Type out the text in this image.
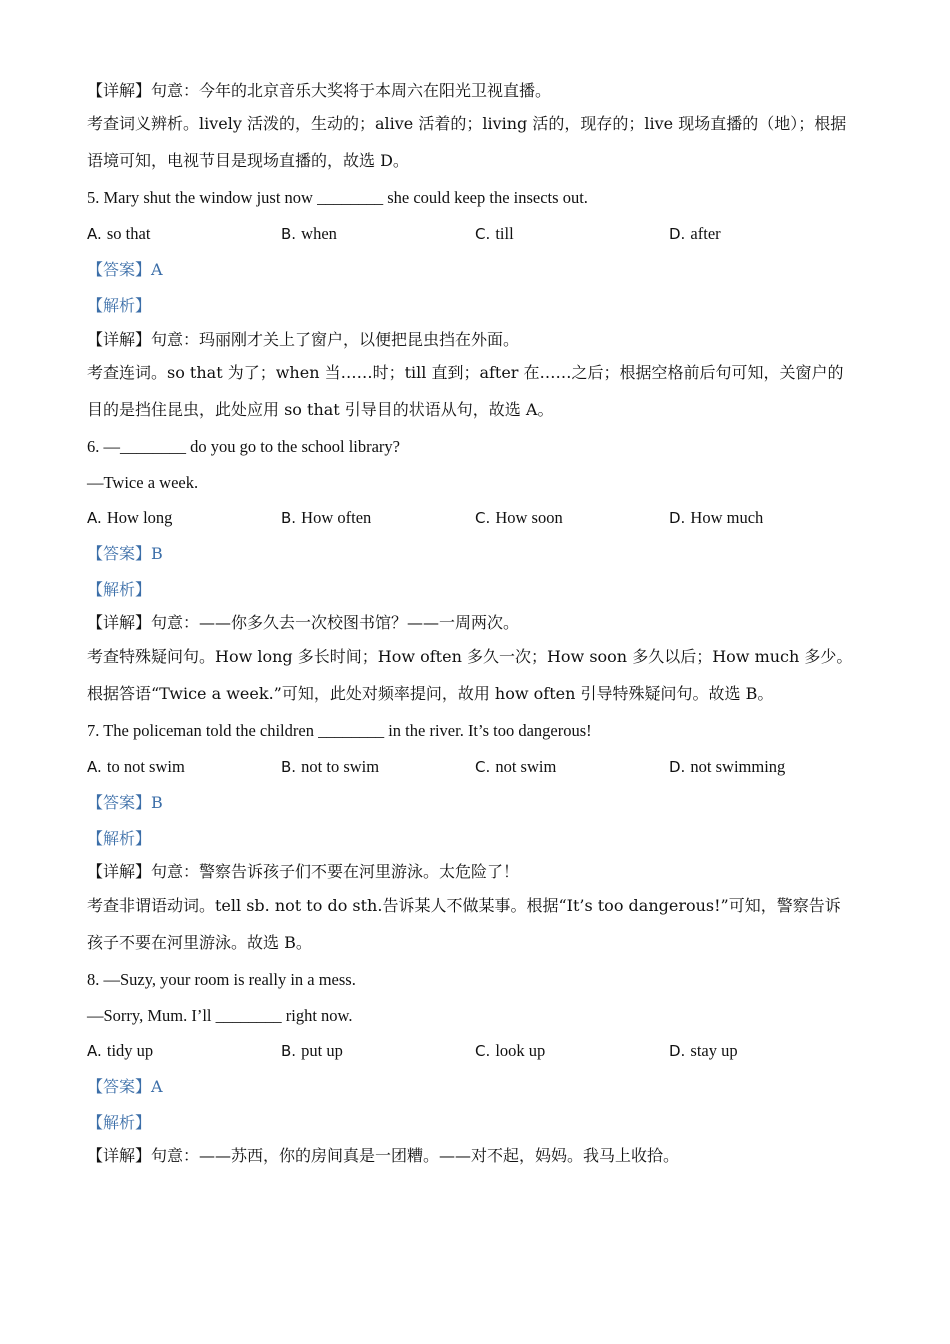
【详解】句意：今年的北京音乐大奖将于本周六在阳光卫视直播。
考查词义辨析。lively 活泼的，生动的；alive 活着的；living 活的，现存的；live 现场直播的（地）；根据
语境可知，电视节目是现场直播的，故选 D。
5. Mary shut the window just now ________ she could keep the insects out.
A. so that	B. when	C. till	D. after
【答案】A
【解析】
【详解】句意：玛丽刚才关上了窗户，以便把昆虫挡在外面。
考查连词。so that 为了；when 当……时；till 直到；after 在……之后；根据空格前后句可知，关窗户的
目的是挡住昆虫，此处应用 so that 引导目的状语从句，故选 A。
6. —________ do you go to the school library?
—Twice a week.
A. How long	B. How often	C. How soon	D. How much
【答案】B
【解析】
【详解】句意：——你多久去一次校图书馆？——一周两次。
考查特殊疑问句。How long 多长时间；How often 多久一次；How soon 多久以后；How much 多少。
根据答语“Twice a week.”可知，此处对频率提问，故用 how often 引导特殊疑问句。故选 B。
7. The policeman told the children ________ in the river. It’s too dangerous!
A. to not swim	B. not to swim	C. not swim	D. not swimming
【答案】B
【解析】
【详解】句意：警察告诉孩子们不要在河里游泳。太危险了！
考查非谓语动词。tell sb. not to do sth.告诉某人不做某事。根据“It’s too dangerous!”可知，警察告诉
孩子不要在河里游泳。故选 B。
8. —Suzy, your room is really in a mess.
—Sorry, Mum. I’ll ________ right now.
A. tidy up	B. put up	C. look up	D. stay up
【答案】A
【解析】
【详解】句意：——苏西，你的房间真是一团糟。——对不起，妈妈。我马上收拾。
